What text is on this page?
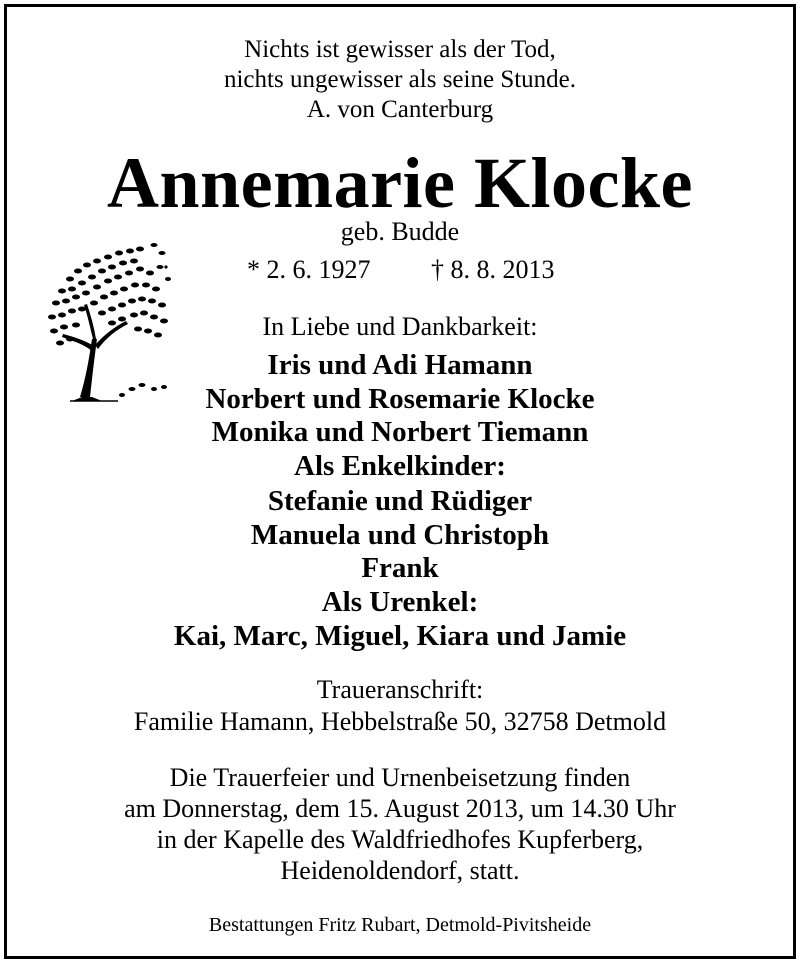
Nichts ist gewisser als der Tod,
nichts ungewisser als seine Stunde.
A. von Canterburg
Annemarie Klocke
geb. Budde
* 2. 6. 1927	† 8. 8. 2013
In Liebe und Dankbarkeit:
Iris und Adi Hamann
Norbert und Rosemarie Klocke
Monika und Norbert Tiemann
Als Enkelkinder:
Stefanie und Rüdiger
Manuela und Christoph
Frank
Als Urenkel:
Kai, Marc, Miguel, Kiara und Jamie
Traueranschrift:
Familie Hamann, Hebbelstraße 50, 32758 Detmold
Die Trauerfeier und Urnenbeisetzung finden
am Donnerstag, dem 15. August 2013, um 14.30 Uhr
in der Kapelle des Waldfriedhofes Kupferberg,
Heidenoldendorf, statt.
Bestattungen Fritz Rubart, Detmold-Pivitsheide
